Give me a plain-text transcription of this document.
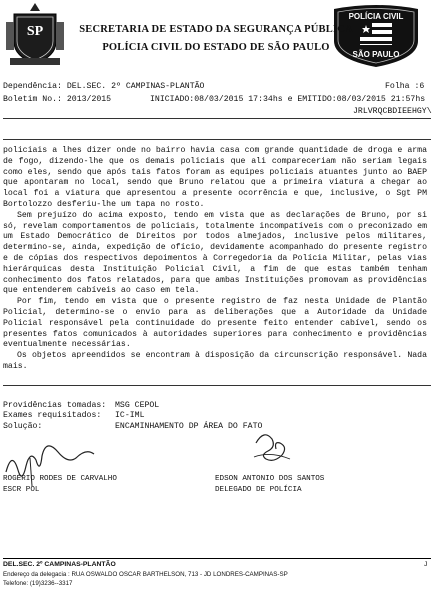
SP
POLÍCIA CIVIL
SÃO PAULO
SECRETARIA DE ESTADO DA SEGURANÇA PÚBLICA
POLÍCIA CIVIL DO ESTADO DE SÃO PAULO
Dependência: DEL.SEC. 2º CAMPINAS-PLANTÃO	Folha :6
Boletim No.: 2013/2015	INICIADO:08/03/2015 17:34hs e EMITIDO:08/03/2015 21:57hs
JRLVRQCBDIEEHGY\

policiais a lhes dizer onde no bairro havia casa com grande quantidade de droga e arma de fogo, dizendo-lhe que os demais policiais que ali compareceriam não seriam legais como eles, sendo que após tais fatos foram as equipes policiais atuantes junto ao BAEP que apontaram no local, sendo que Bruno relatou que a primeira viatura a chegar ao local foi a viatura que apresentou a presente ocorrência e que, inclusive, o Sgt PM Bortolozzo desferiu-lhe um tapa no rosto.

Sem prejuízo do acima exposto, tendo em vista que as declarações de Bruno, por si só, revelam comportamentos de policiais, totalmente incompatíveis com o preconizado em um Estado Democrático de Direitos por todos almejados, inclusive pelos militares, determino-se, ainda, expedição de ofício, devidamente acompanhado do presente registro e de cópias dos respectivos depoimentos à Corregedoria da Polícia Militar, pelas vias hierárquicas desta Instituição Policial Civil, a fim de que estas também tenham conhecimento dos fatos relatados, para que ambas Instituições promovam as providências que entenderem cabíveis ao caso em tela.

Por fim, tendo em vista que o presente registro de faz nesta Unidade de Plantão Policial, determino-se o envio para as deliberações que a Autoridade da Unidade Policial responsável pela continuidade do presente feito entender cabível, sendo os presentes fatos comunicados à autoridades superiores para conhecimento e providências eventualmente necessárias.

Os objetos apreendidos se encontram à disposição da circunscrição responsável. Nada mais.

Providências tomadas: MSG CEPOL
Exames requisitados: IC-IML
Solução:	ENCAMINHAMENTO DP ÁREA DO FATO
ROGÉRIO RODES DE CARVALHO
ESCR POL
EDSON ANTONIO DOS SANTOS
DELEGADO DE POLÍCIA
DEL.SEC. 2º CAMPINAS-PLANTÃO
Endereço da delegacia : RUA OSWALDO OSCAR BARTHELSON, 713 - JD LONDRES-CAMPINAS-SP
Telefone: (19)3236--3317
J
